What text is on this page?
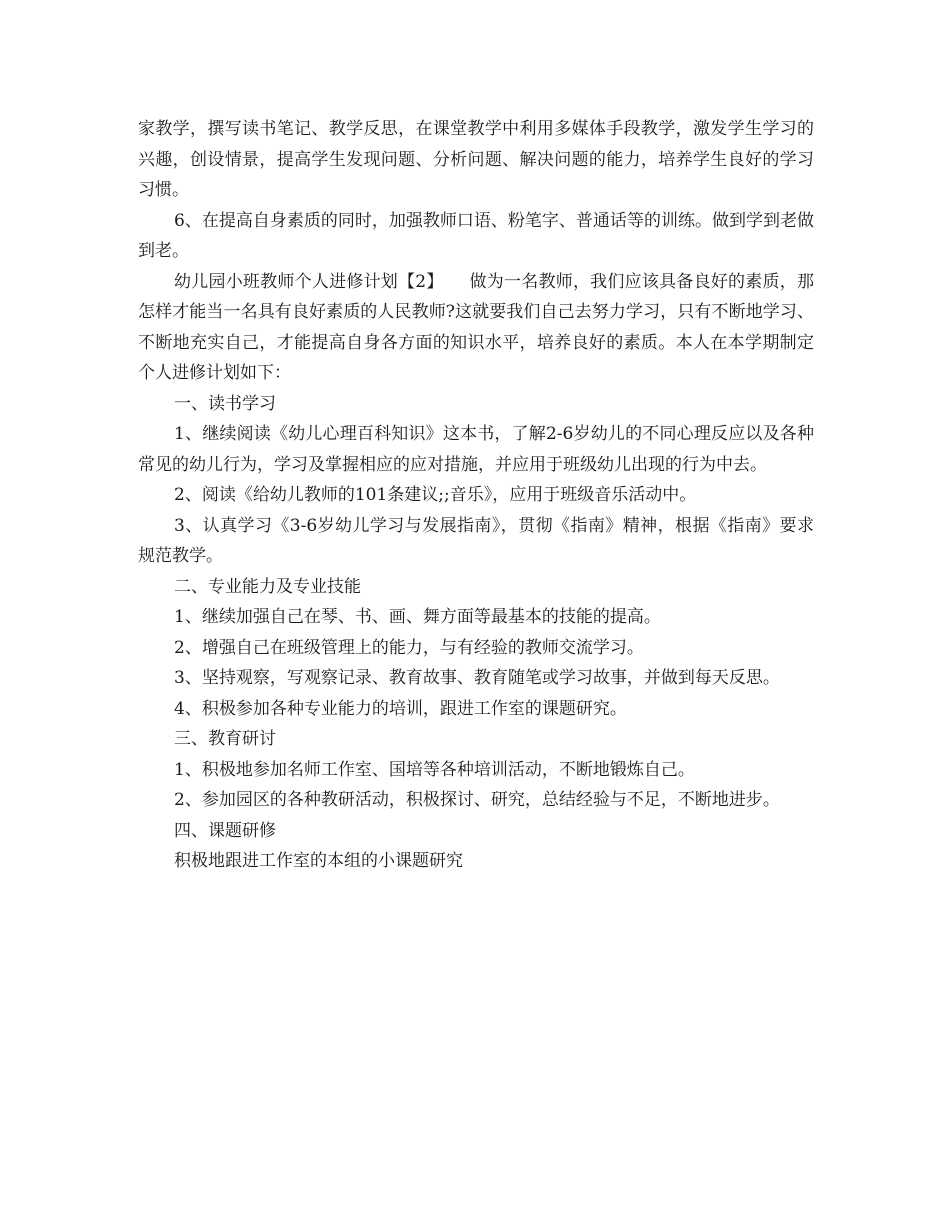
家教学，撰写读书笔记、教学反思，在课堂教学中利用多媒体手段教学，激发学生学习的兴趣，创设情景，提高学生发现问题、分析问题、解决问题的能力，培养学生良好的学习习惯。

6、在提高自身素质的同时，加强教师口语、粉笔字、普通话等的训练。做到学到老做到老。

幼儿园小班教师个人进修计划【2】　　做为一名教师，我们应该具备良好的素质，那怎样才能当一名具有良好素质的人民教师?这就要我们自己去努力学习，只有不断地学习、不断地充实自己，才能提高自身各方面的知识水平，培养良好的素质。本人在本学期制定个人进修计划如下：

一、读书学习

1、继续阅读《幼儿心理百科知识》这本书，了解2-6岁幼儿的不同心理反应以及各种常见的幼儿行为，学习及掌握相应的应对措施，并应用于班级幼儿出现的行为中去。

2、阅读《给幼儿教师的101条建议;;音乐》，应用于班级音乐活动中。

3、认真学习《3-6岁幼儿学习与发展指南》，贯彻《指南》精神，根据《指南》要求规范教学。

二、专业能力及专业技能

1、继续加强自己在琴、书、画、舞方面等最基本的技能的提高。

2、增强自己在班级管理上的能力，与有经验的教师交流学习。

3、坚持观察，写观察记录、教育故事、教育随笔或学习故事，并做到每天反思。

4、积极参加各种专业能力的培训，跟进工作室的课题研究。

三、教育研讨

1、积极地参加名师工作室、国培等各种培训活动，不断地锻炼自己。

2、参加园区的各种教研活动，积极探讨、研究，总结经验与不足，不断地进步。

四、课题研修

积极地跟进工作室的本组的小课题研究
